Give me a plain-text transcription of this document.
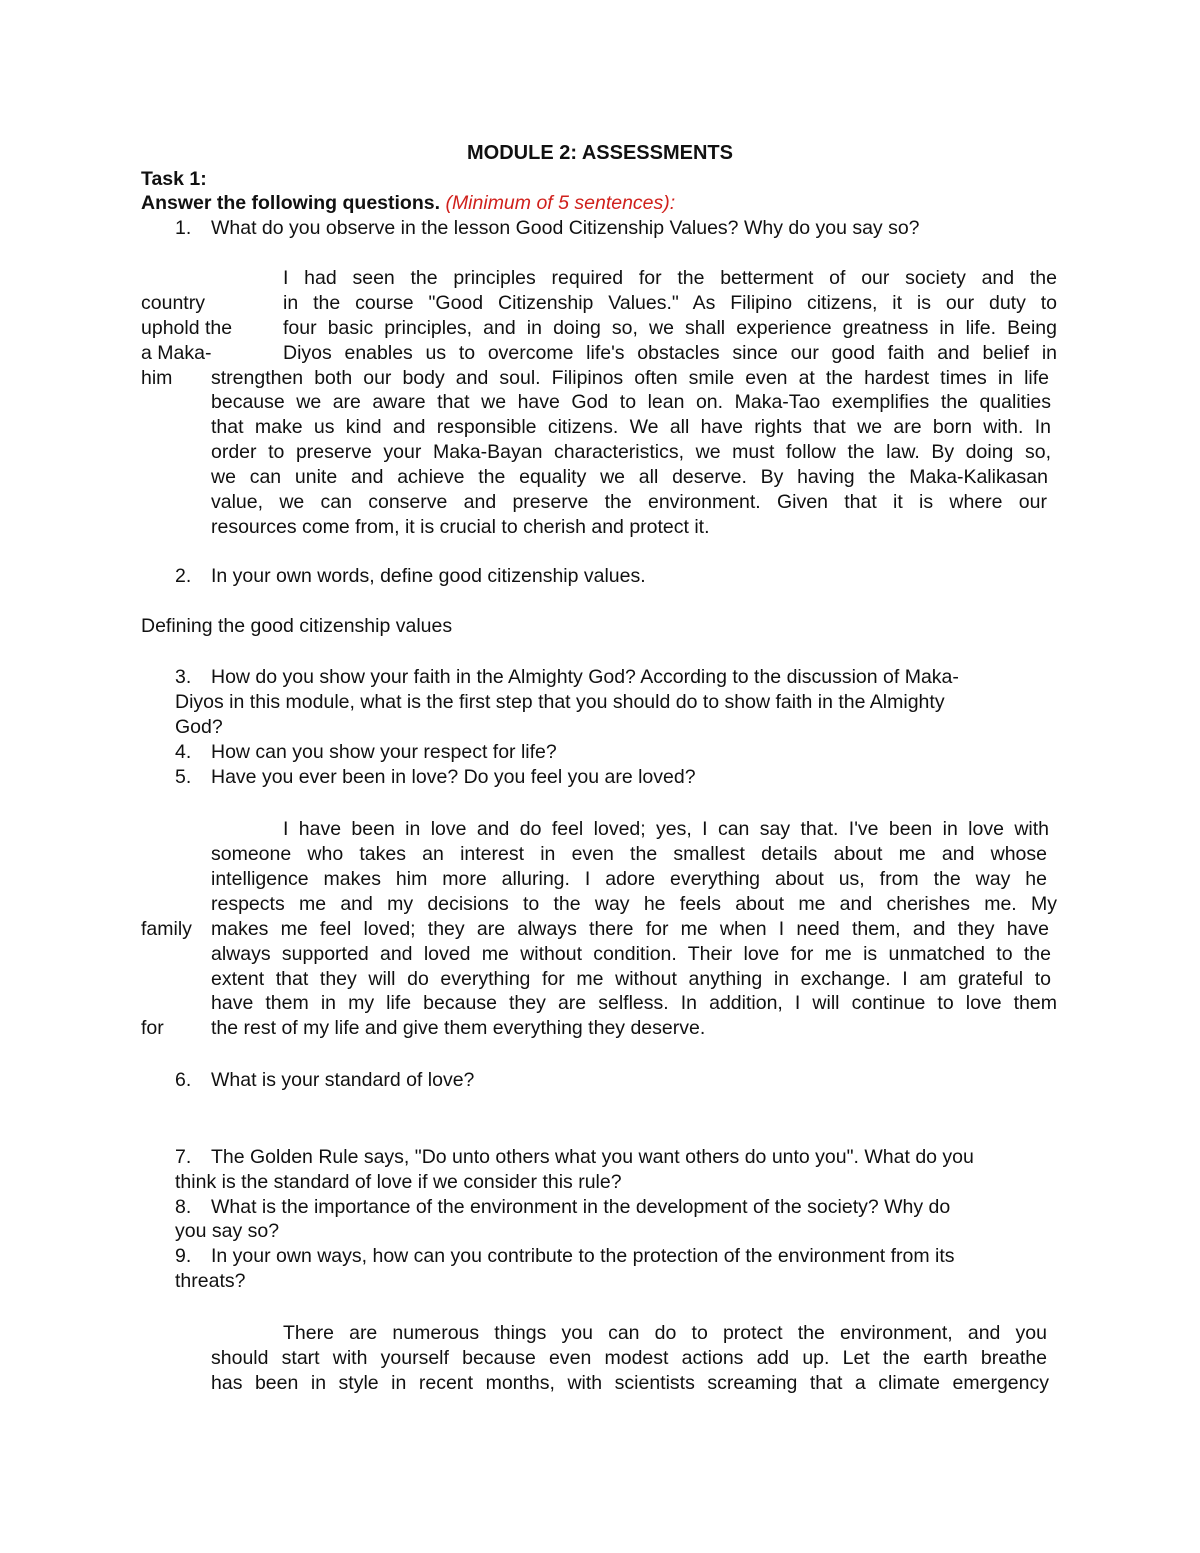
MODULE 2: ASSESSMENTS
Task 1:
Answer the following questions. (Minimum of 5 sentences):
1. What do you observe in the lesson Good Citizenship Values? Why do you say so?
I had seen the principles required for the betterment of our society and the
country	in the course "Good Citizenship Values." As Filipino citizens, it is our duty to
uphold the	four basic principles, and in doing so, we shall experience greatness in life. Being
a Maka-	Diyos enables us to overcome life's obstacles since our good faith and belief in
him strengthen both our body and soul. Filipinos often smile even at the hardest times in life
because we are aware that we have God to lean on. Maka-Tao exemplifies the qualities
that make us kind and responsible citizens. We all have rights that we are born with. In
order to preserve your Maka-Bayan characteristics, we must follow the law. By doing so,
we can unite and achieve the equality we all deserve. By having the Maka-Kalikasan
value, we can conserve and preserve the environment. Given that it is where our
resources come from, it is crucial to cherish and protect it.
2. In your own words, define good citizenship values.
Defining the good citizenship values
3. How do you show your faith in the Almighty God? According to the discussion of Maka-
Diyos in this module, what is the first step that you should do to show faith in the Almighty
God?
4. How can you show your respect for life?
5. Have you ever been in love? Do you feel you are loved?
I have been in love and do feel loved; yes, I can say that. I've been in love with
someone who takes an interest in even the smallest details about me and whose
intelligence makes him more alluring. I adore everything about us, from the way he
respects me and my decisions to the way he feels about me and cherishes me. My
family makes me feel loved; they are always there for me when I need them, and they have
always supported and loved me without condition. Their love for me is unmatched to the
extent that they will do everything for me without anything in exchange. I am grateful to
have them in my life because they are selfless. In addition, I will continue to love them
for the rest of my life and give them everything they deserve.
6. What is your standard of love?
7. The Golden Rule says, "Do unto others what you want others do unto you". What do you
think is the standard of love if we consider this rule?
8. What is the importance of the environment in the development of the society? Why do
you say so?
9. In your own ways, how can you contribute to the protection of the environment from its
threats?
There are numerous things you can do to protect the environment, and you
should start with yourself because even modest actions add up. Let the earth breathe
has been in style in recent months, with scientists screaming that a climate emergency
